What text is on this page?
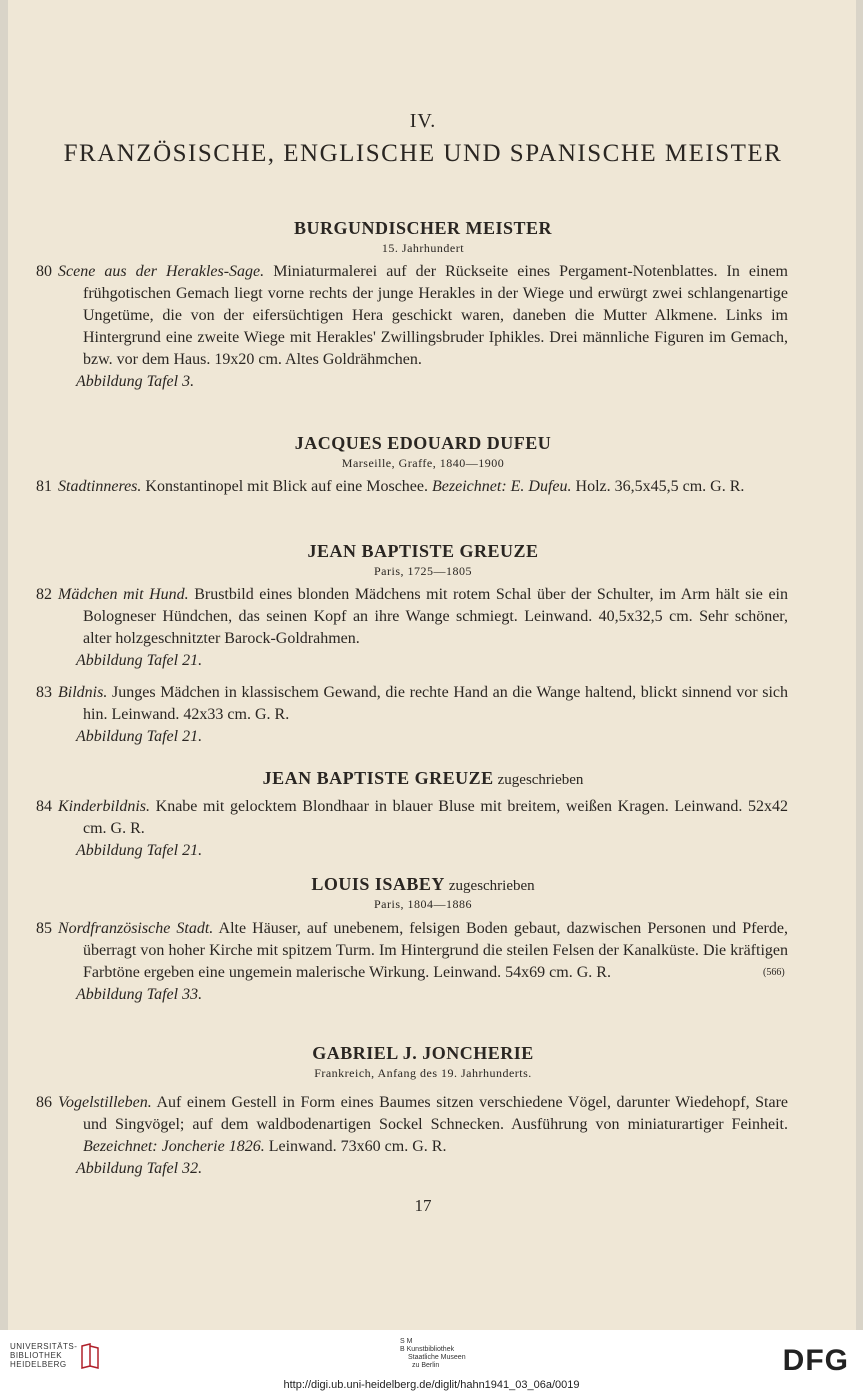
IV.
FRANZÖSISCHE, ENGLISCHE UND SPANISCHE MEISTER
BURGUNDISCHER MEISTER
15. Jahrhundert
80 Scene aus der Herakles-Sage. Miniaturmalerei auf der Rückseite eines Pergament-Notenblattes. In einem frühgotischen Gemach liegt vorne rechts der junge Herakles in der Wiege und erwürgt zwei schlangenartige Ungetüme, die von der eifersüchtigen Hera geschickt waren, daneben die Mutter Alkmene. Links im Hintergrund eine zweite Wiege mit Herakles' Zwillingsbruder Iphikles. Drei männliche Figuren im Gemach, bzw. vor dem Haus. 19x20 cm. Altes Goldrähmchen.
Abbildung Tafel 3.
JACQUES EDOUARD DUFEU
Marseille, Graffe, 1840—1900
81 Stadtinneres. Konstantinopel mit Blick auf eine Moschee. Bezeichnet: E. Dufeu. Holz. 36,5x45,5 cm. G. R.
JEAN BAPTISTE GREUZE
Paris, 1725—1805
82 Mädchen mit Hund. Brustbild eines blonden Mädchens mit rotem Schal über der Schulter, im Arm hält sie ein Bologneser Hündchen, das seinen Kopf an ihre Wange schmiegt. Leinwand. 40,5x32,5 cm. Sehr schöner, alter holzgeschnitzter Barock-Goldrahmen.
Abbildung Tafel 21.
83 Bildnis. Junges Mädchen in klassischem Gewand, die rechte Hand an die Wange haltend, blickt sinnend vor sich hin. Leinwand. 42x33 cm. G. R.
Abbildung Tafel 21.
JEAN BAPTISTE GREUZE zugeschrieben
84 Kinderbildnis. Knabe mit gelocktem Blondhaar in blauer Bluse mit breitem, weißen Kragen. Leinwand. 52x42 cm. G. R.
Abbildung Tafel 21.
LOUIS ISABEY zugeschrieben
Paris, 1804—1886
85 Nordfranzösische Stadt. Alte Häuser, auf unebenem, felsigen Boden gebaut, dazwischen Personen und Pferde, überragt von hoher Kirche mit spitzem Turm. Im Hintergrund die steilen Felsen der Kanalküste. Die kräftigen Farbtöne ergeben eine ungemein malerische Wirkung. Leinwand. 54x69 cm. G. R.	(566)
Abbildung Tafel 33.
GABRIEL J. JONCHERIE
Frankreich, Anfang des 19. Jahrhunderts.
86 Vogelstilleben. Auf einem Gestell in Form eines Baumes sitzen verschiedene Vögel, darunter Wiedehopf, Stare und Singvögel; auf dem waldbodenartigen Sockel Schnecken. Ausführung von miniaturartiger Feinheit. Bezeichnet: Joncherie 1826. Leinwand. 73x60 cm. G. R.
Abbildung Tafel 32.
17
UNIVERSITÄTS-
BIBLIOTHEK
HEIDELBERG
S M
B Kunstbibliothek
Staatliche Museen
zu Berlin	DFG
http://digi.ub.uni-heidelberg.de/diglit/hahn1941_03_06a/0019
